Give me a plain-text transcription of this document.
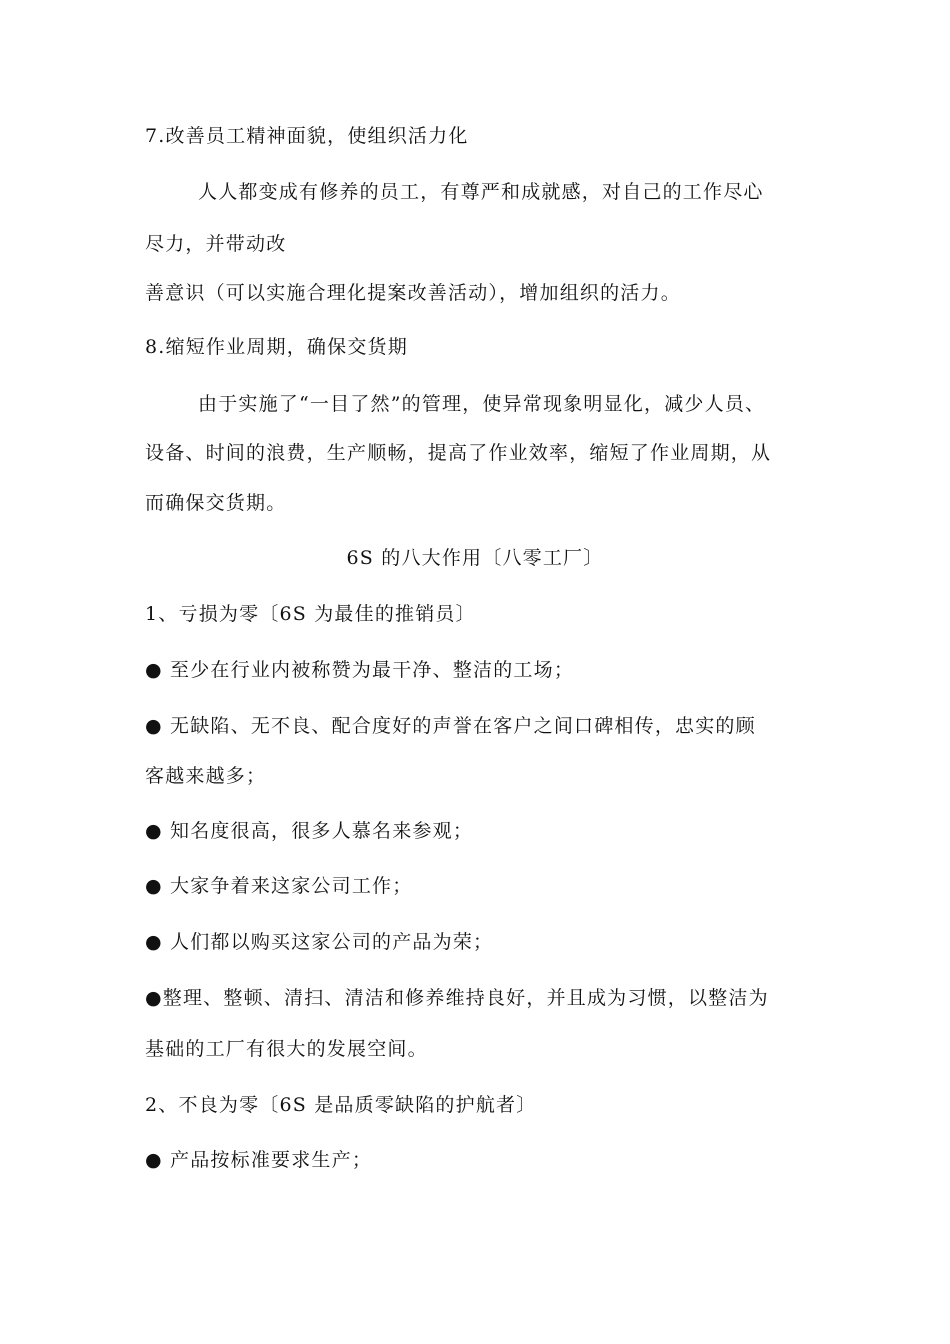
7.改善员工精神面貌，使组织活力化
人人都变成有修养的员工，有尊严和成就感，对自己的工作尽心
尽力，并带动改
善意识（可以实施合理化提案改善活动），增加组织的活力。
8.缩短作业周期，确保交货期
由于实施了“一目了然”的管理，使异常现象明显化，减少人员、
设备、时间的浪费，生产顺畅，提高了作业效率，缩短了作业周期，从
而确保交货期。
6S 的八大作用〔八零工厂〕
1、亏损为零〔6S 为最佳的推销员〕
● 至少在行业内被称赞为最干净、整洁的工场；
● 无缺陷、无不良、配合度好的声誉在客户之间口碑相传，忠实的顾
客越来越多；
● 知名度很高，很多人慕名来参观；
● 大家争着来这家公司工作；
● 人们都以购买这家公司的产品为荣；
●整理、整顿、清扫、清洁和修养维持良好，并且成为习惯，以整洁为
基础的工厂有很大的发展空间。
2、不良为零〔6S 是品质零缺陷的护航者〕
● 产品按标准要求生产；
